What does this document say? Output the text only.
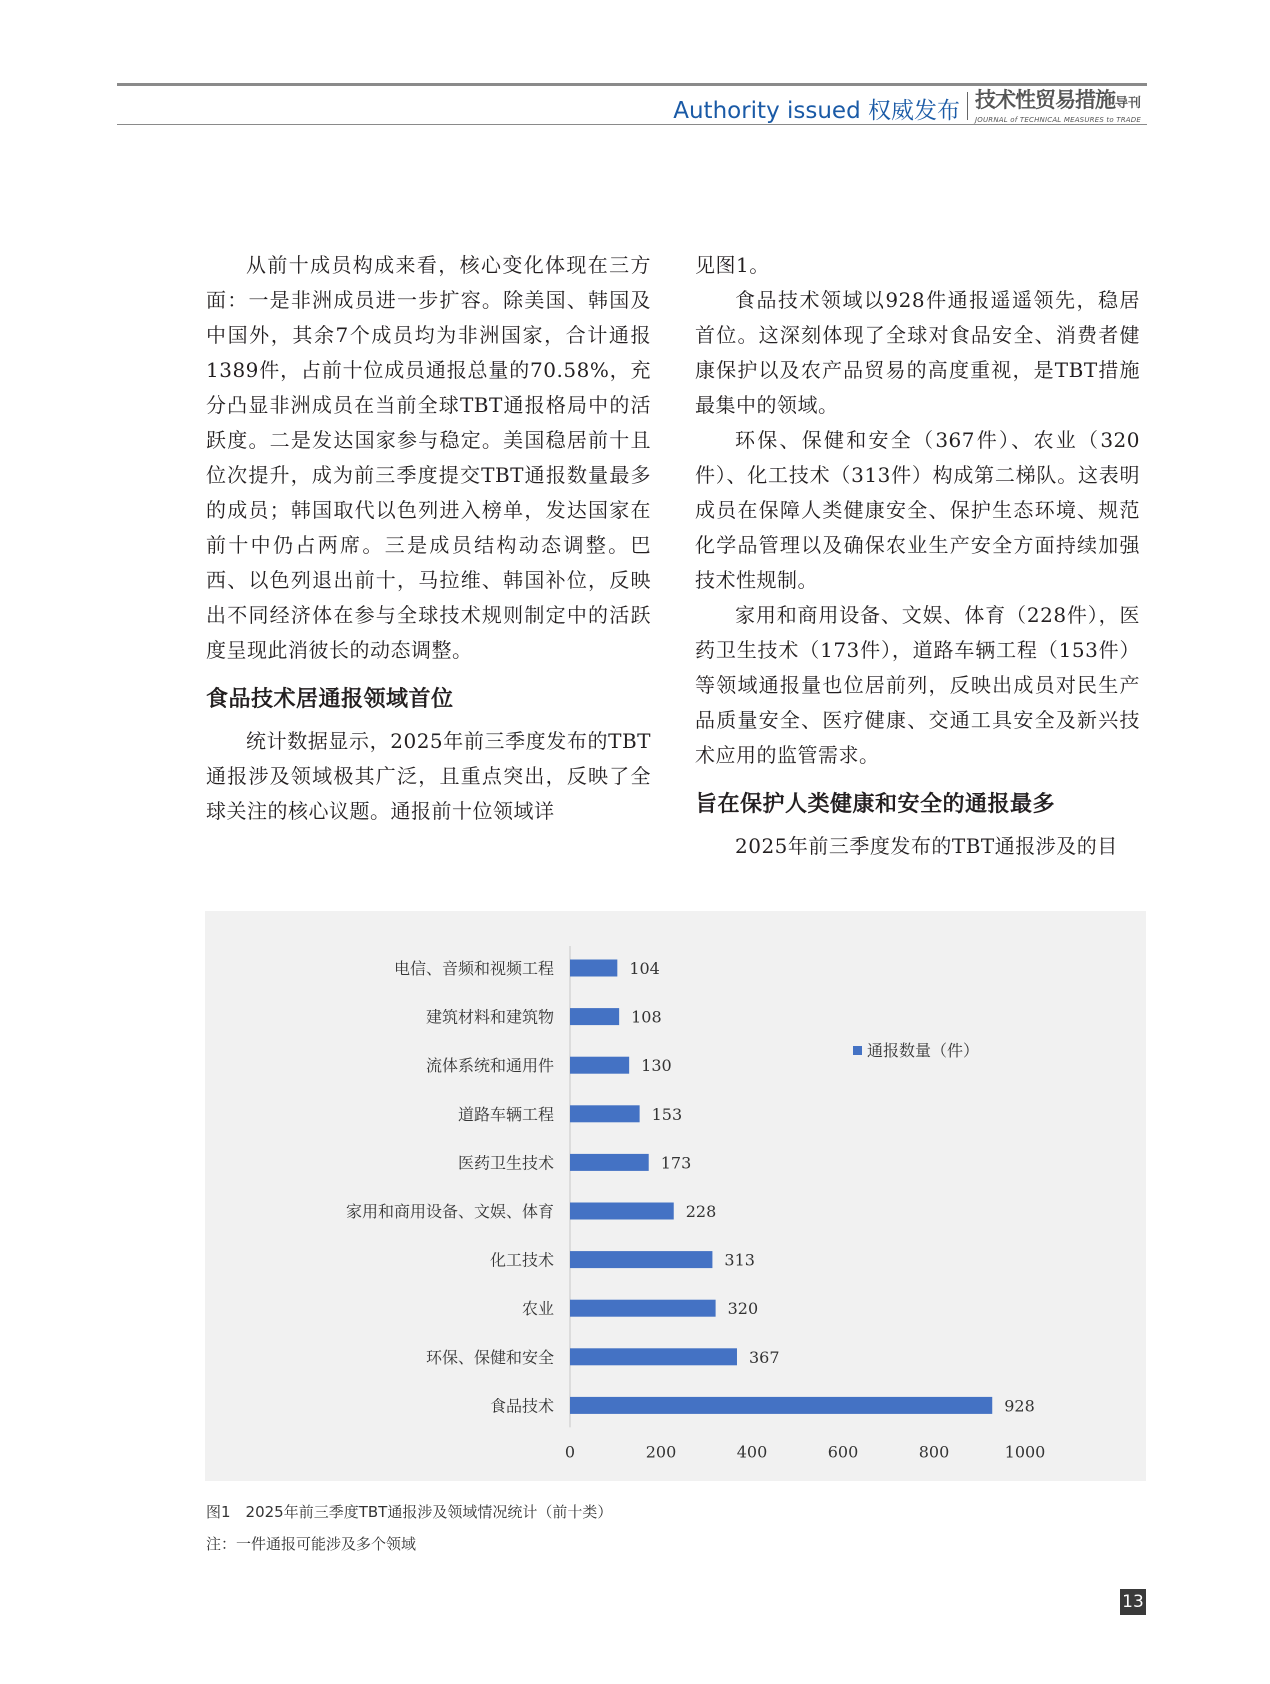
Authority issued 权威发布 技术性贸易措施导刊
JOURNAL of TECHNICAL MEASURES to TRADE

从前十成员构成来看，核心变化体现在三方面：一是非洲成员进一步扩容。除美国、韩国及中国外，其余7个成员均为非洲国家，合计通报1389件，占前十位成员通报总量的70.58%，充分凸显非洲成员在当前全球TBT通报格局中的活跃度。二是发达国家参与稳定。美国稳居前十且位次提升，成为前三季度提交TBT通报数量最多的成员；韩国取代以色列进入榜单，发达国家在前十中仍占两席。三是成员结构动态调整。巴西、以色列退出前十，马拉维、韩国补位，反映出不同经济体在参与全球技术规则制定中的活跃度呈现此消彼长的动态调整。

食品技术居通报领域首位

统计数据显示，2025年前三季度发布的TBT通报涉及领域极其广泛，且重点突出，反映了全球关注的核心议题。通报前十位领域详

见图1。

食品技术领域以928件通报遥遥领先，稳居首位。这深刻体现了全球对食品安全、消费者健康保护以及农产品贸易的高度重视，是TBT措施最集中的领域。

环保、保健和安全（367件）、农业（320件）、化工技术（313件）构成第二梯队。这表明成员在保障人类健康安全、保护生态环境、规范化学品管理以及确保农业生产安全方面持续加强技术性规制。

家用和商用设备、文娱、体育（228件），医药卫生技术（173件），道路车辆工程（153件）等领域通报量也位居前列，反映出成员对民生产品质量安全、医疗健康、交通工具安全及新兴技术应用的监管需求。

旨在保护人类健康和安全的通报最多

2025年前三季度发布的TBT通报涉及的目

电信、音频和视频工程	104
建筑材料和建筑物	108
流体系统和通用件	130
道路车辆工程	153
医药卫生技术	173
家用和商用设备、文娱、体育	228
化工技术	313
农业	320
环保、保健和安全	367
食品技术	928
0	200	400	600	800	1000
通报数量（件）
图1　2025年前三季度TBT通报涉及领域情况统计（前十类）
注：一件通报可能涉及多个领域
13
